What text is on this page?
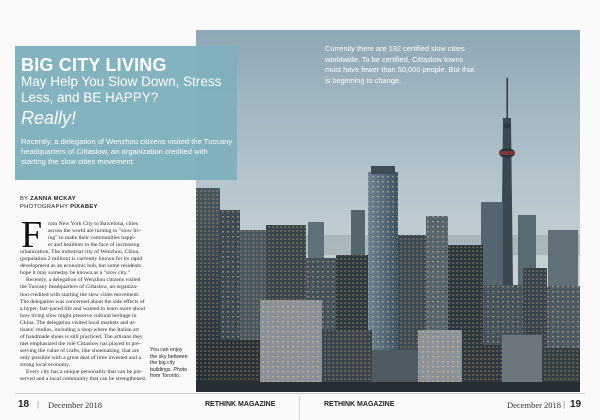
BIG CITY LIVING
May Help You Slow Down, Stress Less, and BE HAPPY?
Really!
Recently, a delegation of Wenzhou citizens visited the Tuscany headquarters of Cittaslow, an organization credited with starting the slow cities movement.
BY ZANNA MCKAY
PHOTOGRAPHY PIXABEY
F rom New York City to Barcelona, cities
across the world are turning to "slow liv-
ing" to make their communities happi-
er and healthier in the face of increasing
urbanization. The industrial city of Wenzhou, China,
(population 2 million) is currently known for its rapid
development as an economic hub, but some residents
hope it may someday be known as a "slow city."
Recently, a delegation of Wenzhou citizens visited
the Tuscany headquarters of Cittaslow, an organiza-
tion credited with starting the slow cities movement.
The delegation was concerned about the side effects of
a hyper, fast-paced life and wanted to learn more about
how living slow might preserve cultural heritage in
China. The delegation visited local markets and ar-
tisans' studios, including a shop where the Italian art
of handmade shoes is still practiced. The artisans they
met emphasized the role Cittaslow has played in pre-
serving the value of crafts, like shoemaking, that are
only possible with a great deal of time invested and a
strong local economy.
Every city has a unique personality that can be pre-
served and a local community that can be strengthened.
Currently there are 192 certified slow cities worldwide. To be certified, Cittaslow towns must have fewer than 50,000 people. But that is beginning to change.
You can enjoy the sky between the big city buildings. Photo from Toronto.
18 | December 2018	RETHINK MAGAZINE	RETHINK MAGAZINE	December 2018 | 19
